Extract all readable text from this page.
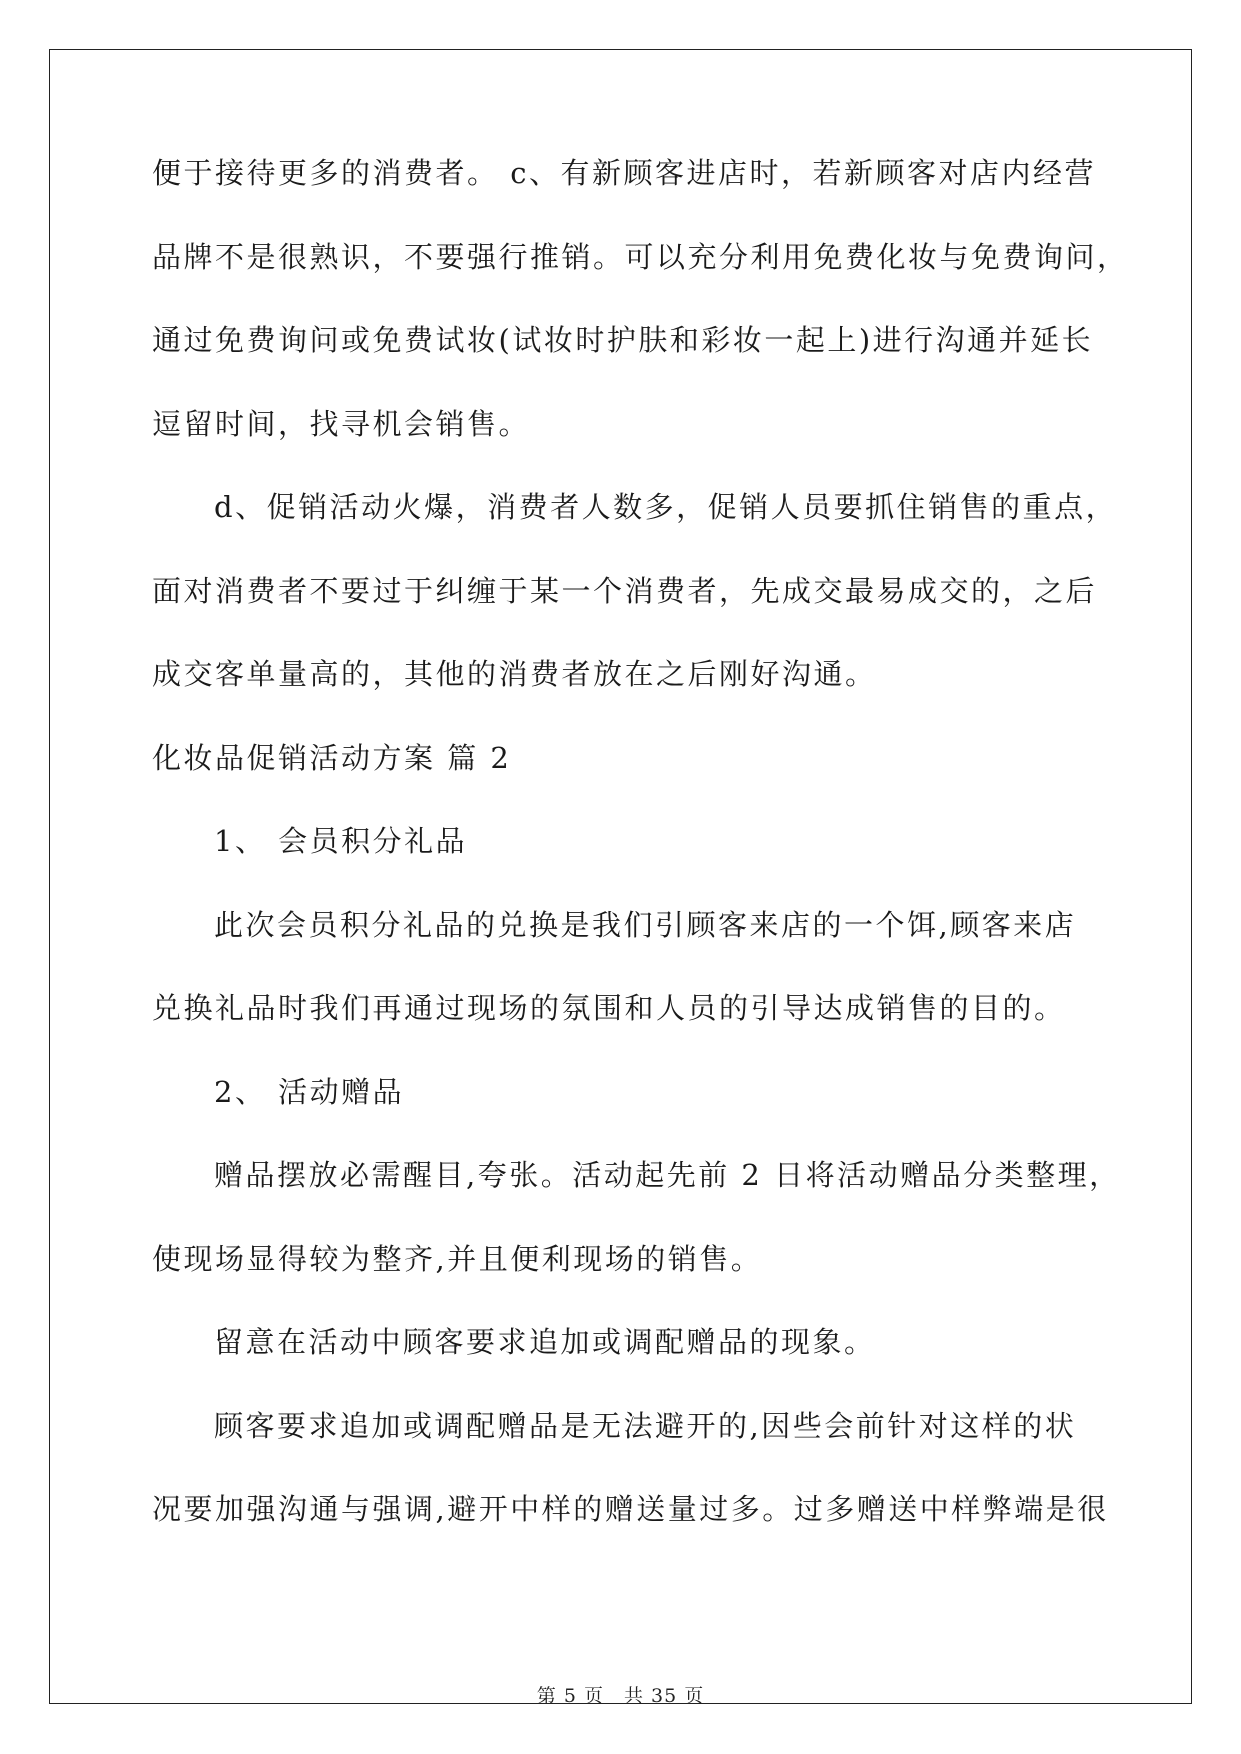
便于接待更多的消费者。 c、有新顾客进店时，若新顾客对店内经营
品牌不是很熟识，不要强行推销。可以充分利用免费化妆与免费询问，
通过免费询问或免费试妆(试妆时护肤和彩妆一起上)进行沟通并延长
逗留时间，找寻机会销售。
d、促销活动火爆，消费者人数多，促销人员要抓住销售的重点，
面对消费者不要过于纠缠于某一个消费者，先成交最易成交的，之后
成交客单量高的，其他的消费者放在之后刚好沟通。
化妆品促销活动方案 篇 2
1、 会员积分礼品
此次会员积分礼品的兑换是我们引顾客来店的一个饵,顾客来店
兑换礼品时我们再通过现场的氛围和人员的引导达成销售的目的。
2、 活动赠品
赠品摆放必需醒目,夸张。活动起先前 2 日将活动赠品分类整理，
使现场显得较为整齐,并且便利现场的销售。
留意在活动中顾客要求追加或调配赠品的现象。
顾客要求追加或调配赠品是无法避开的,因些会前针对这样的状
况要加强沟通与强调,避开中样的赠送量过多。过多赠送中样弊端是很
第 5 页　共 35 页
